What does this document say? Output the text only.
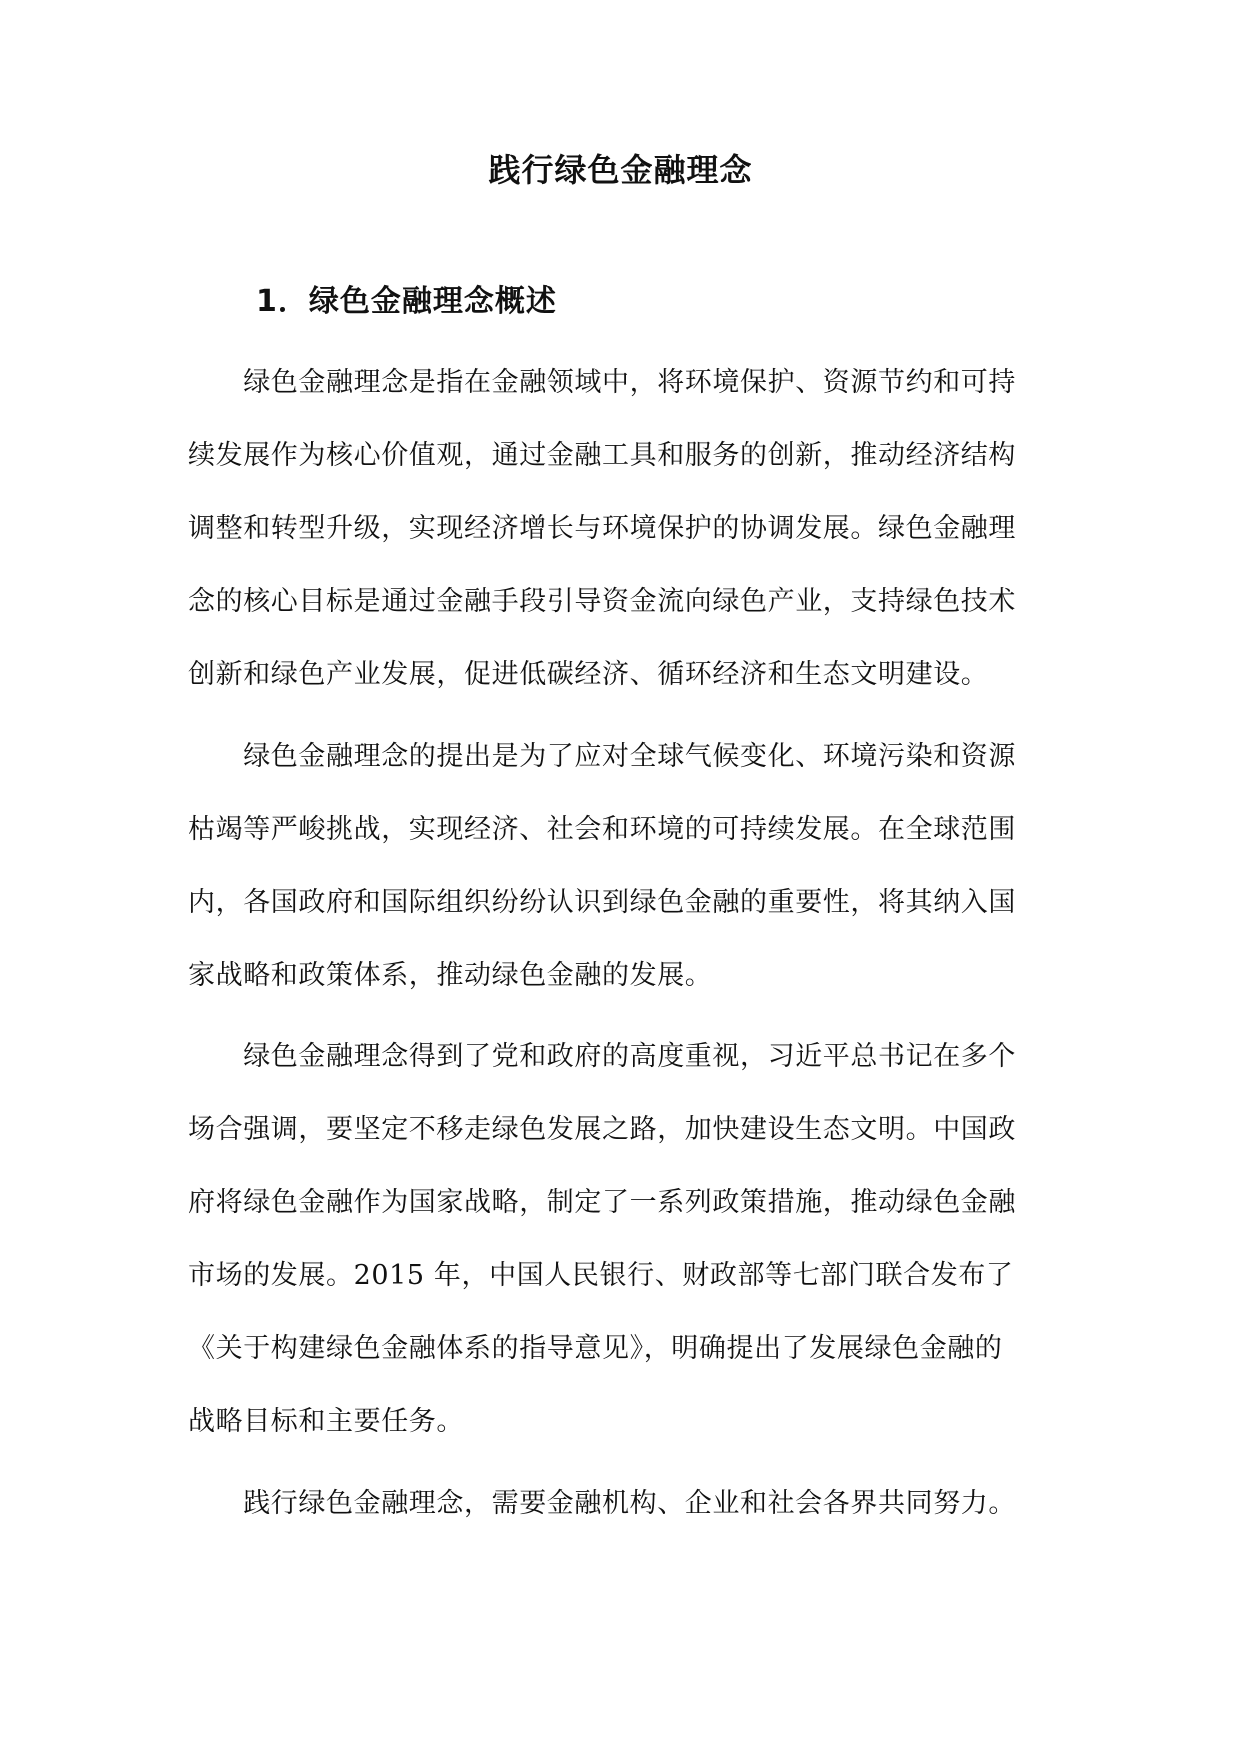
践行绿色金融理念
1．绿色金融理念概述
　　绿色金融理念是指在金融领域中，将环境保护、资源节约和可持
续发展作为核心价值观，通过金融工具和服务的创新，推动经济结构
调整和转型升级，实现经济增长与环境保护的协调发展。绿色金融理
念的核心目标是通过金融手段引导资金流向绿色产业，支持绿色技术
创新和绿色产业发展，促进低碳经济、循环经济和生态文明建设。
　　绿色金融理念的提出是为了应对全球气候变化、环境污染和资源
枯竭等严峻挑战，实现经济、社会和环境的可持续发展。在全球范围
内，各国政府和国际组织纷纷认识到绿色金融的重要性，将其纳入国
家战略和政策体系，推动绿色金融的发展。
　　绿色金融理念得到了党和政府的高度重视，习近平总书记在多个
场合强调，要坚定不移走绿色发展之路，加快建设生态文明。中国政
府将绿色金融作为国家战略，制定了一系列政策措施，推动绿色金融
市场的发展。2015 年，中国人民银行、财政部等七部门联合发布了
《关于构建绿色金融体系的指导意见》，明确提出了发展绿色金融的
战略目标和主要任务。
　　践行绿色金融理念，需要金融机构、企业和社会各界共同努力。
